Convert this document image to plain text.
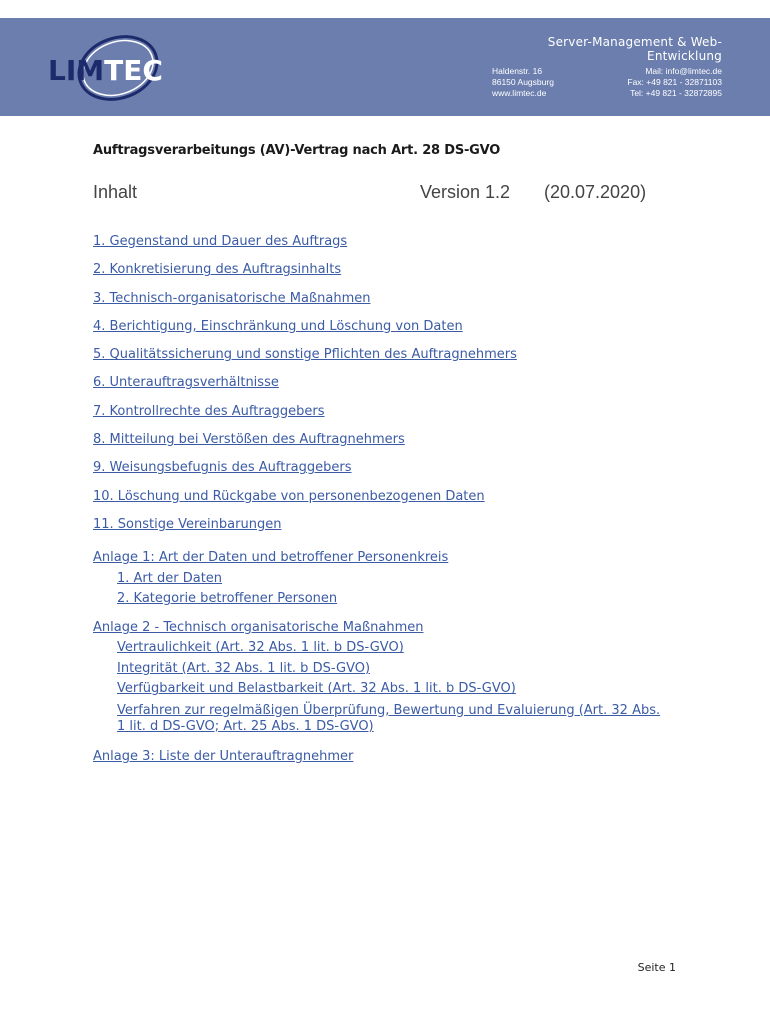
LIMTEC
Server-Management & Web-Entwicklung
Haldenstr. 16
86150 Augsburg
www.limtec.de
Mail: info@limtec.de
Fax: +49 821 - 32871103
Tel: +49 821 - 32872895
Auftragsverarbeitungs (AV)-Vertrag nach Art. 28 DS-GVO
Inhalt	Version 1.2 (20.07.2020)
1. Gegenstand und Dauer des Auftrags
2. Konkretisierung des Auftragsinhalts
3. Technisch-organisatorische Maßnahmen
4. Berichtigung, Einschränkung und Löschung von Daten
5. Qualitätssicherung und sonstige Pflichten des Auftragnehmers
6. Unterauftragsverhältnisse
7. Kontrollrechte des Auftraggebers
8. Mitteilung bei Verstößen des Auftragnehmers
9. Weisungsbefugnis des Auftraggebers
10. Löschung und Rückgabe von personenbezogenen Daten
11. Sonstige Vereinbarungen
Anlage 1: Art der Daten und betroffener Personenkreis
1. Art der Daten
2. Kategorie betroffener Personen
Anlage 2 - Technisch organisatorische Maßnahmen
Vertraulichkeit (Art. 32 Abs. 1 lit. b DS-GVO)
Integrität (Art. 32 Abs. 1 lit. b DS-GVO)
Verfügbarkeit und Belastbarkeit (Art. 32 Abs. 1 lit. b DS-GVO)
Verfahren zur regelmäßigen Überprüfung, Bewertung und Evaluierung (Art. 32 Abs.
1 lit. d DS-GVO; Art. 25 Abs. 1 DS-GVO)
Anlage 3: Liste der Unterauftragnehmer
Seite 1
